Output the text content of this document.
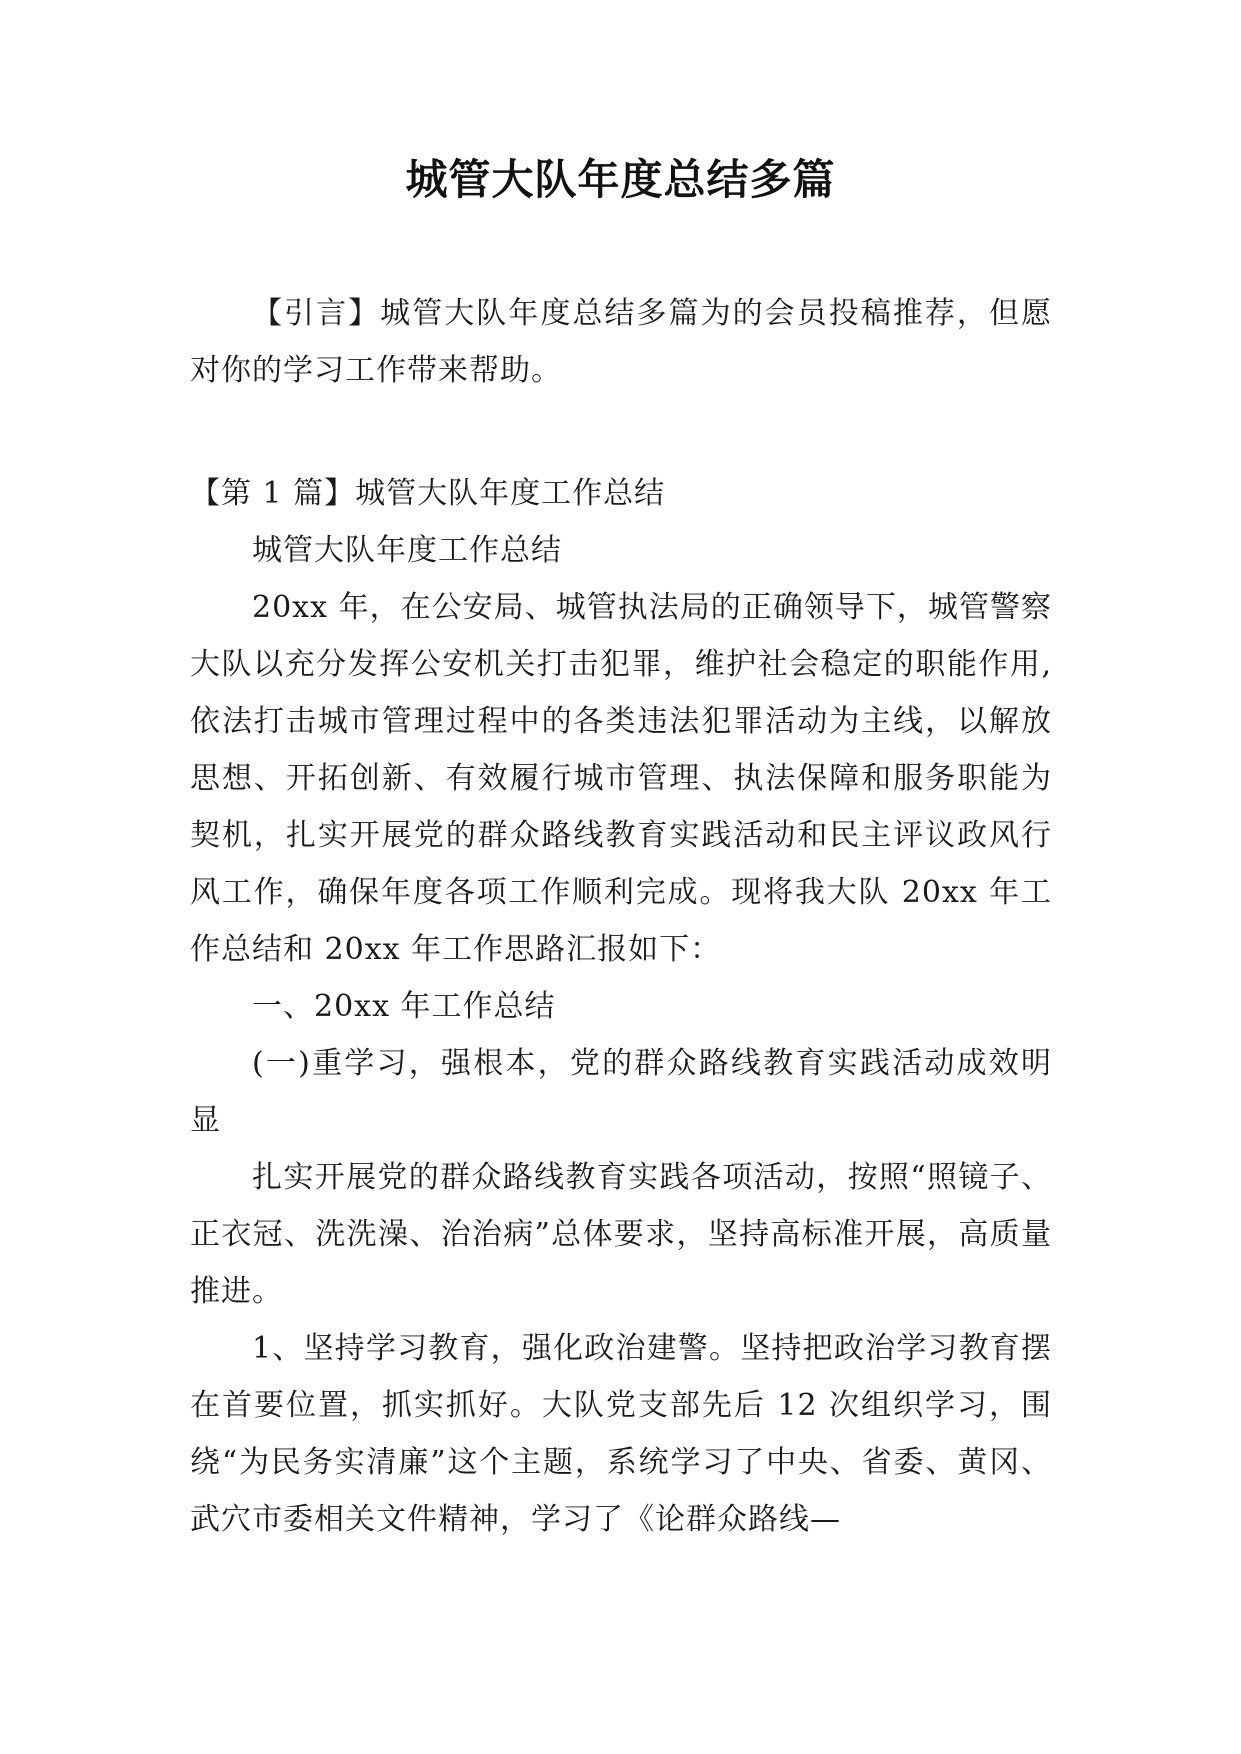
城管大队年度总结多篇

【引言】城管大队年度总结多篇为的会员投稿推荐，但愿对你的学习工作带来帮助。

【第 1 篇】城管大队年度工作总结

城管大队年度工作总结

20xx 年，在公安局、城管执法局的正确领导下，城管警察大队以充分发挥公安机关打击犯罪，维护社会稳定的职能作用,依法打击城市管理过程中的各类违法犯罪活动为主线，以解放思想、开拓创新、有效履行城市管理、执法保障和服务职能为契机，扎实开展党的群众路线教育实践活动和民主评议政风行风工作，确保年度各项工作顺利完成。现将我大队 20xx 年工作总结和 20xx 年工作思路汇报如下：

一、20xx 年工作总结

(一)重学习，强根本，党的群众路线教育实践活动成效明显

扎实开展党的群众路线教育实践各项活动，按照“照镜子、正衣冠、洗洗澡、治治病”总体要求，坚持高标准开展，高质量推进。

1、坚持学习教育，强化政治建警。坚持把政治学习教育摆在首要位置，抓实抓好。大队党支部先后 12 次组织学习，围绕“为民务实清廉”这个主题，系统学习了中央、省委、黄冈、武穴市委相关文件精神，学习了《论群众路线—
